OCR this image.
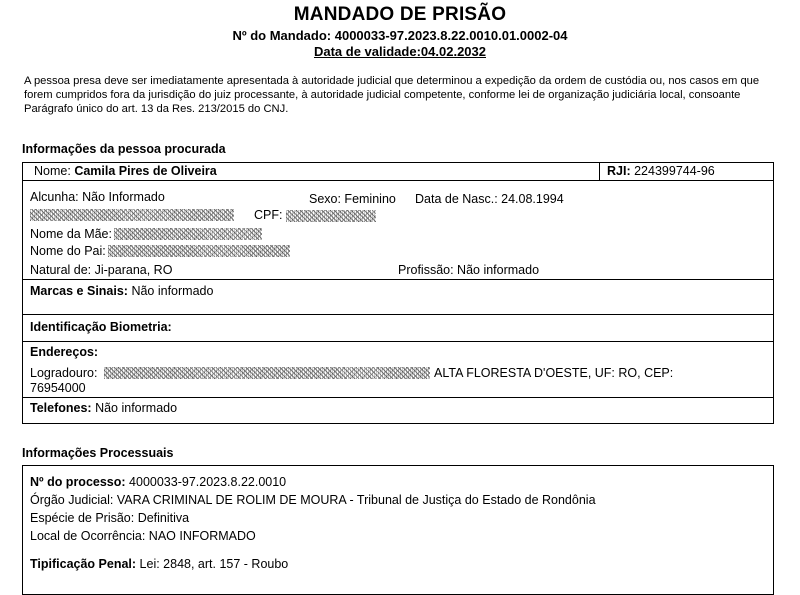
MANDADO DE PRISÃO
Nº do Mandado: 4000033-97.2023.8.22.0010.01.0002-04
Data de validade:04.02.2032
A pessoa presa deve ser imediatamente apresentada à autoridade judicial que determinou a expedição da ordem de custódia ou, nos casos em que forem cumpridos fora da jurisdição do juiz processante, à autoridade judicial competente, conforme lei de organização judiciária local, consoante Parágrafo único do art. 13 da Res. 213/2015 do CNJ.
Informações da pessoa procurada
Nome: Camila Pires de Oliveira	RJI: 224399744-96
Alcunha: Não Informado	Sexo: Feminino Data de Nasc.: 24.08.1994
CPF:
Nome da Mãe:
Nome do Pai:
Natural de: Ji-parana, RO	Profissão: Não informado
Marcas e Sinais: Não informado
Identificação Biometria:
Endereços:
Logradouro:	ALTA FLORESTA D'OESTE, UF: RO, CEP:
76954000
Telefones: Não informado
Informações Processuais
Nº do processo: 4000033-97.2023.8.22.0010
Órgão Judicial: VARA CRIMINAL DE ROLIM DE MOURA - Tribunal de Justiça do Estado de Rondônia
Espécie de Prisão: Definitiva
Local de Ocorrência: NAO INFORMADO
Tipificação Penal: Lei: 2848, art. 157 - Roubo
